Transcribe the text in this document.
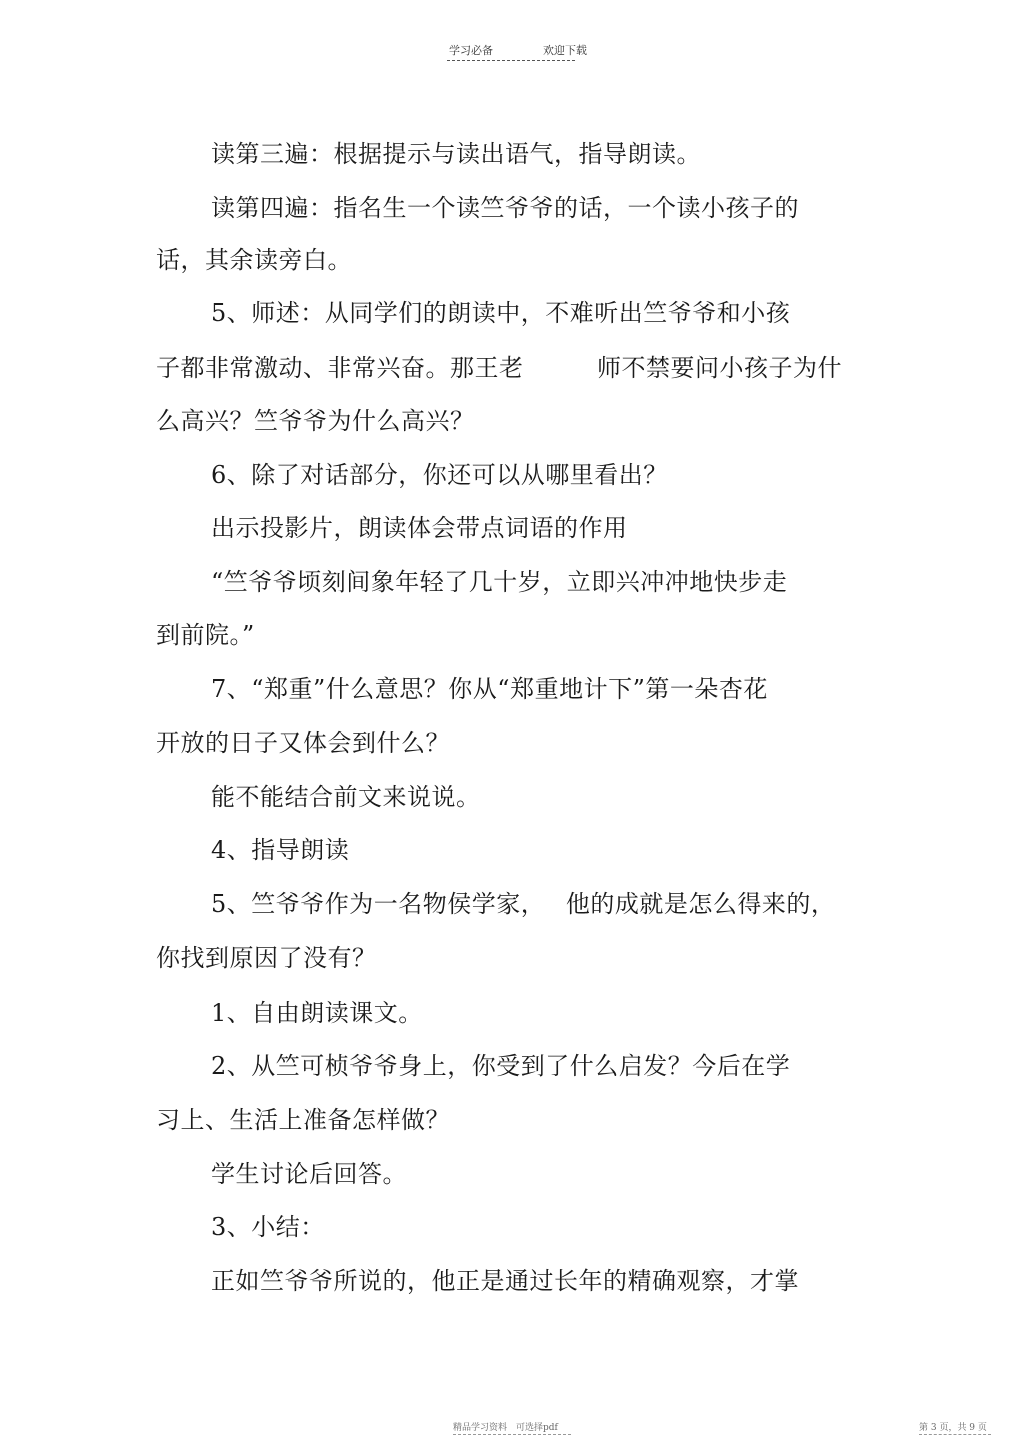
学习必备	欢迎下载
读第三遍：根据提示与读出语气，指导朗读。
读第四遍：指名生一个读竺爷爷的话，一个读小孩子的
话，其余读旁白。
5、师述：从同学们的朗读中，不难听出竺爷爷和小孩
子都非常激动、非常兴奋。那王老　　　师不禁要问小孩子为什
么高兴？竺爷爷为什么高兴？
6、除了对话部分，你还可以从哪里看出？
出示投影片，朗读体会带点词语的作用
“竺爷爷顷刻间象年轻了几十岁，立即兴冲冲地快步走
到前院。”
7、“郑重”什么意思？你从“郑重地计下”第一朵杏花
开放的日子又体会到什么？
能不能结合前文来说说。
4、指导朗读
5、竺爷爷作为一名物侯学家，　 他的成就是怎么得来的，
你找到原因了没有？
1、自由朗读课文。
2、从竺可桢爷爷身上，你受到了什么启发？今后在学
习上、生活上准备怎样做？
学生讨论后回答。
3、小结：
正如竺爷爷所说的，他正是通过长年的精确观察，才掌
精品学习资料　可选择pdf	第 3 页，共 9 页
